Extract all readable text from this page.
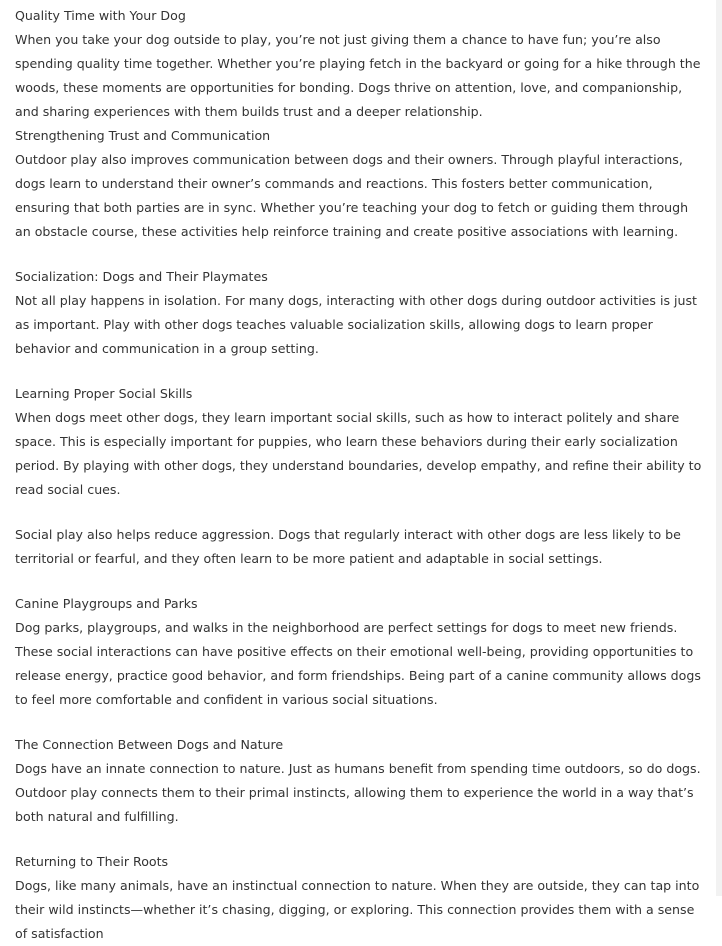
Quality Time with Your Dog

When you take your dog outside to play, you’re not just giving them a chance to have fun; you’re also spending quality time together. Whether you’re playing fetch in the backyard or going for a hike through the woods, these moments are opportunities for bonding. Dogs thrive on attention, love, and companionship, and sharing experiences with them builds trust and a deeper relationship.

Strengthening Trust and Communication

Outdoor play also improves communication between dogs and their owners. Through playful interactions, dogs learn to understand their owner’s commands and reactions. This fosters better communication, ensuring that both parties are in sync. Whether you’re teaching your dog to fetch or guiding them through an obstacle course, these activities help reinforce training and create positive associations with learning.

Socialization: Dogs and Their Playmates

Not all play happens in isolation. For many dogs, interacting with other dogs during outdoor activities is just as important. Play with other dogs teaches valuable socialization skills, allowing dogs to learn proper behavior and communication in a group setting.

Learning Proper Social Skills

When dogs meet other dogs, they learn important social skills, such as how to interact politely and share space. This is especially important for puppies, who learn these behaviors during their early socialization period. By playing with other dogs, they understand boundaries, develop empathy, and refine their ability to read social cues.

Social play also helps reduce aggression. Dogs that regularly interact with other dogs are less likely to be territorial or fearful, and they often learn to be more patient and adaptable in social settings.

Canine Playgroups and Parks

Dog parks, playgroups, and walks in the neighborhood are perfect settings for dogs to meet new friends. These social interactions can have positive effects on their emotional well-being, providing opportunities to release energy, practice good behavior, and form friendships. Being part of a canine community allows dogs to feel more comfortable and confident in various social situations.

The Connection Between Dogs and Nature

Dogs have an innate connection to nature. Just as humans benefit from spending time outdoors, so do dogs. Outdoor play connects them to their primal instincts, allowing them to experience the world in a way that’s both natural and fulfilling.

Returning to Their Roots

Dogs, like many animals, have an instinctual connection to nature. When they are outside, they can tap into their wild instincts—whether it’s chasing, digging, or exploring. This connection provides them with a sense of satisfaction
